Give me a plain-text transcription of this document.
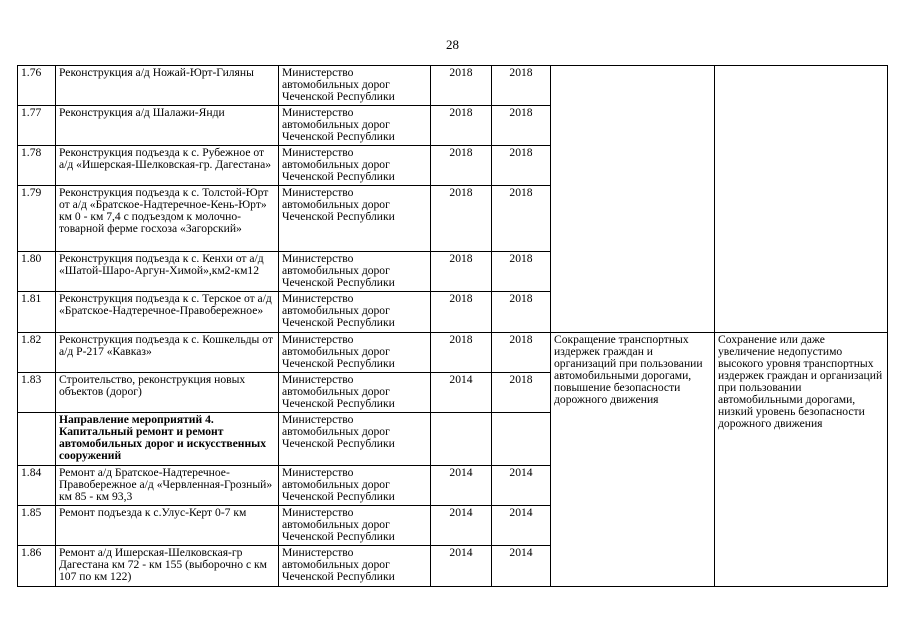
28
1.76	Реконструкция а/д Ножай-Юрт-Гиляны	Министерство автомобильных дорог Чеченской Республики	2018	2018		
1.77	Реконструкция а/д Шалажи-Янди	Министерство автомобильных дорог Чеченской Республики	2018	2018		
1.78	Реконструкция подъезда к с. Рубежное от а/д «Ишерская-Шелковская-гр. Дагестана»	Министерство автомобильных дорог Чеченской Республики	2018	2018		
1.79	Реконструкция подъезда к с. Толстой-Юрт от а/д «Братское-Надтеречное-Кень-Юрт» км 0 - км 7,4 с подъездом к молочно-товарной ферме госхоза «Загорский»	Министерство автомобильных дорог Чеченской Республики	2018	2018		
1.80	Реконструкция подъезда к с. Кенхи от а/д «Шатой-Шаро-Аргун-Химой»,км2-км12	Министерство автомобильных дорог Чеченской Республики	2018	2018		
1.81	Реконструкция подъезда к с. Терское от а/д «Братское-Надтеречное-Правобережное»	Министерство автомобильных дорог Чеченской Республики	2018	2018		
1.82	Реконструкция подъезда к с. Кошкельды от а/д Р-217 «Кавказ»	Министерство автомобильных дорог Чеченской Республики	2018	2018	Сокращение транспортных издержек граждан и организаций при пользовании автомобильными дорогами, повышение безопасности дорожного движения	Сохранение или даже увеличение недопустимо высокого уровня транспортных издержек граждан и организаций при пользовании автомобильными дорогами, низкий уровень безопасности дорожного движения
1.83	Строительство, реконструкция новых объектов (дорог)	Министерство автомобильных дорог Чеченской Республики	2014	2018		
	Направление мероприятий 4. Капитальный ремонт и ремонт автомобильных дорог и искусственных сооружений	Министерство автомобильных дорог Чеченской Республики				
1.84	Ремонт а/д Братское-Надтеречное-Правобережное а/д «Червленная-Грозный» км 85 - км 93,3	Министерство автомобильных дорог Чеченской Республики	2014	2014		
1.85	Ремонт подъезда к с.Улус-Керт 0-7 км	Министерство автомобильных дорог Чеченской Республики	2014	2014		
1.86	Ремонт а/д Ишерская-Шелковская-гр Дагестана км 72 - км 155 (выборочно с км 107 по км 122)	Министерство автомобильных дорог Чеченской Республики	2014	2014		
